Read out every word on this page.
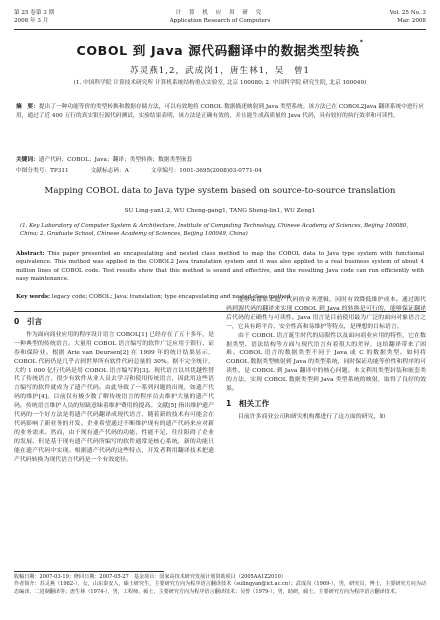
第 25 卷第 3 期
2008 年 3 月
计 算 机 应 用 研 究
Application Research of Computers
Vol. 25 No. 3
Mar. 2008
COBOL 到 Java 源代码翻译中的数据类型转换*
苏灵燕1,2，武成岗1，唐生林1，吴　曾1
(1. 中国科学院 计算技术研究所 计算机系统结构重点实验室, 北京 100080; 2. 中国科学院 研究生院, 北京 100049)
摘　要：提出了一种功能等价的类型转换和数据存储方法，可以有效地将 COBOL 数据描述映射到 Java 类型系统。该方法已在 COBOL2Java 翻译系统中进行应用，通过了近 400 万行的真实银行源代码测试。实验结果表明，该方法是正确有效的，并且能生成高质量的 Java 代码，具有较好的执行效率和可读性。
关键词：遗产代码；COBOL；Java；翻译；类型转换；数据类型嵌套
中图分类号：TP311	文献标志码：A	文章编号：1001-3695(2008)03-0771-04
Mapping COBOL data to Java type system based on source-to-source translation
SU Ling-yan1,2, WU Cheng-gang1, TANG Sheng-lin1, WU Zeng1
(1. Key Laboratory of Computer System & Architecture, Institute of Computing Technology, Chinese Academy of Sciences, Beijing 100080, China; 2. Graduate School, Chinese Academy of Sciences, Beijing 100049, China)
Abstract: This paper presented an encapsulating and nested class method to map the COBOL data to Java type system with functional equivalence. This method was applied in the COBOL2 Java translation system and it was also applied to a real business system of about 4 million lines of COBOL code. Test results show that this method is sound and effective, and the resulting Java code can run efficiently with easy maintenance.
Key words: legacy code; COBOL; Java; translation; type encapsulating and nested class method
0　引言

作为面向商业应用的程序设计语言 COBOL[1] 已经存在了五十多年，是一种典型的传统语言。大量用 COBOL 语言编写的软件广泛应用于银行、证券和保险业。根据 Arie van Deursen[2] 在 1999 年的统计结果显示，COBOL 代码仍是几乎占到世界所有软件代码总量的 30%。据不完全统计，大约 1 000 亿行代码是用 COBOL 语言编写的[3]。现代语言以其优越性替代了传统语言，很少有软件从业人员去学习和使用传统语言，因此用这些语言编写的软件就成为了遗产代码。由此导致了一系列问题的出现，如遗产代码的维护[4]。目前仅有极少数了解传统语言的程序员去维护大量的遗产代码，传统语言维护人员的短缺意味着维护费用的提高。文献[5] 指出维护遗产代码的一个好方法是将遗产代码翻译成现代语言，随着新的技术有可能会在代码影响了新业务的开发。企业希望通过不断维护现有的遗产代码来应对新的业务需求。然而，由于现有遗产代码的功能、性能不足，往往阻碍了企业的发展。但是基于现有遗产代码所编写的软件通常是核心系统，新的功能只能在遗产代码中实现。根据遗产代码的这些特点，开发者利用翻译技术把遗产代码转换为现代语言代码是一个有效途径。

能够保留原来遗产代码的业务逻辑，同时有效降低维护成本。通过源代码到源代码的翻译来实现 COBOL 到 Java 的转换是可行的，能够保证翻译后代码的正确性与可读性。Java 语言是目前使用最为广泛的面向对象语言之一，它具有跨平台、安全性高和易维护等特点，是理想的目标语言。

由于 COBOL 语言诞生时代的局限性以及面向商业应用的特性，它在数据类型、语法结构等方面与现代语言有着很大的差异，这给翻译带来了困难。COBOL 语言的数据类型不同于 Java 或 C 的数据类型。如何将 COBOL 数据类型映射到 Java 的类型系统，同时保证功能等价性和程序的可读性，是 COBOL 到 Java 翻译中的核心问题。本文利用类型封装和嵌套类的方法，实现 COBOL 数据类型到 Java 类型系统的映射，取得了良好的效果。

1　相关工作

目前许多商业公司和研究机构都进行了这方面的研究，如

收稿日期：2007-03-19；修回日期：2007-05-27　基金项目：国家高技术研究发展计划资助项目（2005AA1Z2010）
作者简介：苏灵燕（1982-），女，山东泰安人，硕士研究生，主要研究方向为程序语言翻译技术（sulingyan@ict.ac.cn）；武成岗（1969-），男，研究员，博士，主要研究方向为动态编译、二进制翻译等；唐生林（1974-），男，工程师，硕士，主要研究方向为程序语言翻译技术；吴曾（1979-），男，助研，硕士，主要研究方向为程序语言翻译技术。
